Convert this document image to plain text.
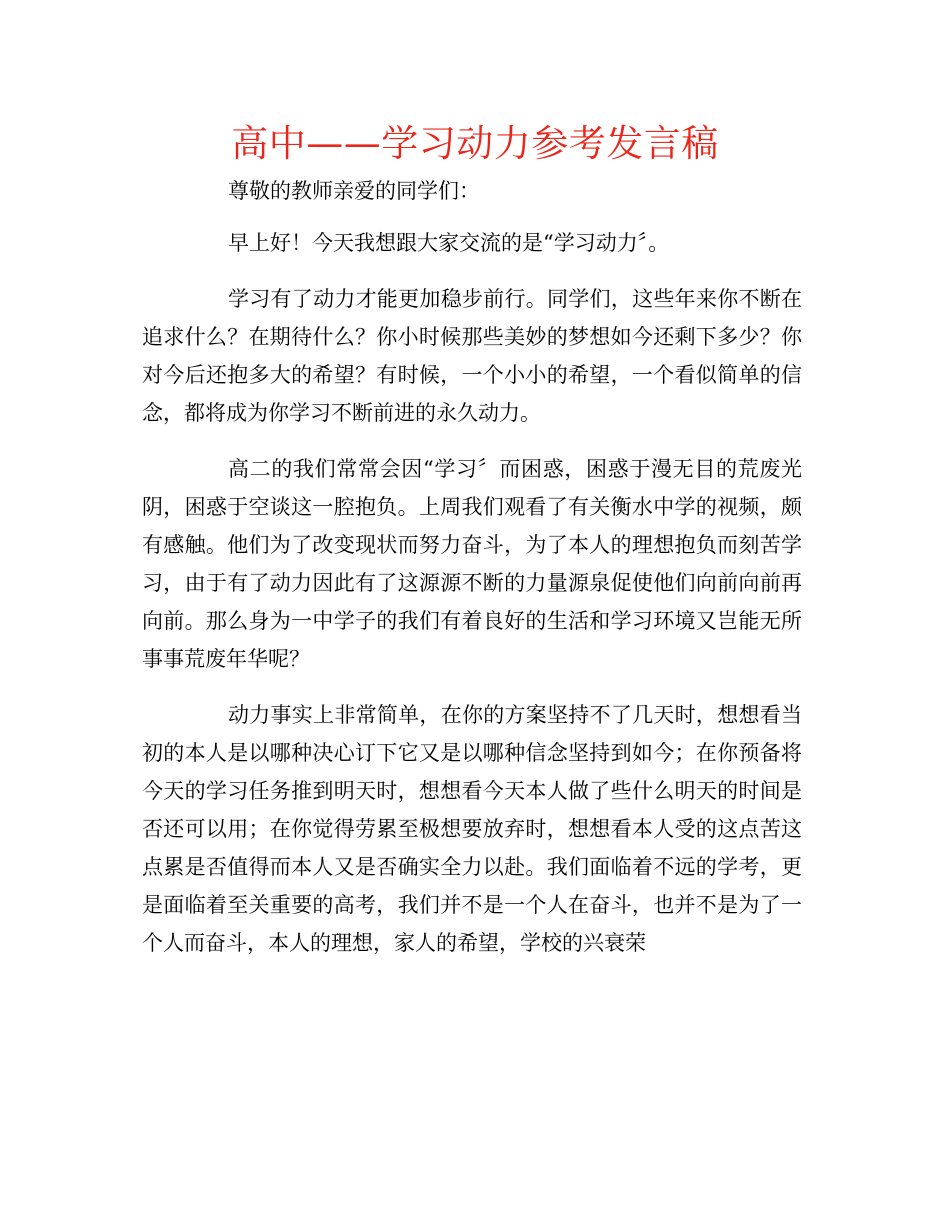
高中——学习动力参考发言稿

尊敬的教师亲爱的同学们：

早上好！今天我想跟大家交流的是“学习动力〞。

学习有了动力才能更加稳步前行。同学们，这些年来你不断在追求什么？在期待什么？你小时候那些美妙的梦想如今还剩下多少？你对今后还抱多大的希望？有时候，一个小小的希望，一个看似简单的信念，都将成为你学习不断前进的永久动力。

高二的我们常常会因“学习〞而困惑，困惑于漫无目的荒废光阴，困惑于空谈这一腔抱负。上周我们观看了有关衡水中学的视频，颇有感触。他们为了改变现状而努力奋斗，为了本人的理想抱负而刻苦学习，由于有了动力因此有了这源源不断的力量源泉促使他们向前向前再向前。那么身为一中学子的我们有着良好的生活和学习环境又岂能无所事事荒废年华呢？

动力事实上非常简单，在你的方案坚持不了几天时，想想看当初的本人是以哪种决心订下它又是以哪种信念坚持到如今；在你预备将今天的学习任务推到明天时，想想看今天本人做了些什么明天的时间是否还可以用；在你觉得劳累至极想要放弃时，想想看本人受的这点苦这点累是否值得而本人又是否确实全力以赴。我们面临着不远的学考，更是面临着至关重要的高考，我们并不是一个人在奋斗，也并不是为了一个人而奋斗，本人的理想，家人的希望，学校的兴衰荣
